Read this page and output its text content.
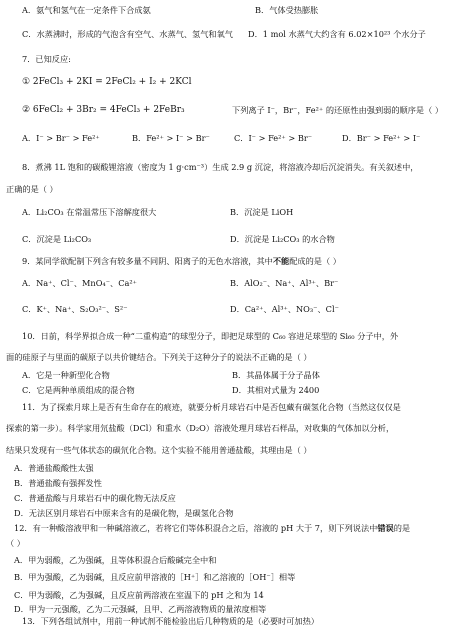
A．氨气和氢气在一定条件下合成氨	B．气体受热膨胀
C．水蒸沸时，形成的气泡含有空气、水蒸气、氢气和氧气 D．1 mol 水蒸气大约含有 6.02×10²³ 个水分子
7．已知反应:
① 2FeCl₃ + 2KI = 2FeCl₂ + I₂ + 2KCl
② 6FeCl₂ + 3Br₂ = 4FeCl₃ + 2FeBr₃	下列离子 I⁻，Br⁻，Fe²⁺ 的还原性由强到弱的顺序是（ ）
A．I⁻ > Br⁻ > Fe²⁺	B．Fe²⁺ > I⁻ > Br⁻	C．I⁻ > Fe²⁺ > Br⁻	D．Br⁻ > Fe²⁺ > I⁻
8．煮沸 1L 饱和的碳酸锂溶液（密度为 1 g·cm⁻³）生成 2.9 g 沉淀，将溶液冷却后沉淀消失。有关叙述中，
正确的是（ ）
A．Li₂CO₃ 在常温常压下溶解度很大	B．沉淀是 LiOH
C．沉淀是 Li₂CO₃	D．沉淀是 Li₂CO₃ 的水合物
9．某同学欲配制下列含有较多量不同阴、阳离子的无色水溶液，其中不能配成的是（ ）
A．Na⁺、Cl⁻、MnO₄⁻、Ca²⁺	B．AlO₂⁻、Na⁺、Al³⁺、Br⁻
C．K⁺、Na⁺、S₂O₃²⁻、S²⁻	D．Ca²⁺、Al³⁺、NO₃⁻、Cl⁻
10．日前，科学界拟合成一种“二重构造”的球型分子，即把足球型的 C₆₀ 容进足球型的 Si₆₀ 分子中，外
面的硅原子与里面的碳原子以共价键结合。下列关于这种分子的说法不正确的是（ ）
A．它是一种新型化合物	B．其晶体属于分子晶体
C．它是两种单质组成的混合物	D．其相对式量为 2400
11．为了探索月球上是否有生命存在的痕迹，就要分析月球岩石中是否包藏有碳氢化合物（当然这仅仅是
探索的第一步）。科学家用氘盐酸（DCl）和重水（D₂O）溶液处理月球岩石样品，对收集的气体加以分析，
结果只发现有一些气体状态的碳氘化合物。这个实验不能用普通盐酸，其理由是（ ）
A．普通盐酸酸性太强
B．普通盐酸有强挥发性
C．普通盐酸与月球岩石中的碳化物无法反应
D．无法区别月球岩石中原来含有的是碳化物，是碳氢化合物
12．有一种酸溶液甲和一种碱溶液乙，若将它们等体积混合之后，溶液的 pH 大于 7，则下列说法中错误的是
（ ）
A．甲为弱酸，乙为强碱，且等体积混合后酸碱完全中和
B．甲为强酸，乙为弱碱，且反应前甲溶液的［H⁺］和乙溶液的［OH⁻］相等
C．甲为弱酸，乙为强碱，且反应前两溶液在室温下的 pH 之和为 14
D．甲为一元强酸，乙为二元强碱，且甲、乙两溶液物质的量浓度相等
13．下列各组试剂中，用前一种试剂不能检验出后几种物质的是（必要时可加热）
